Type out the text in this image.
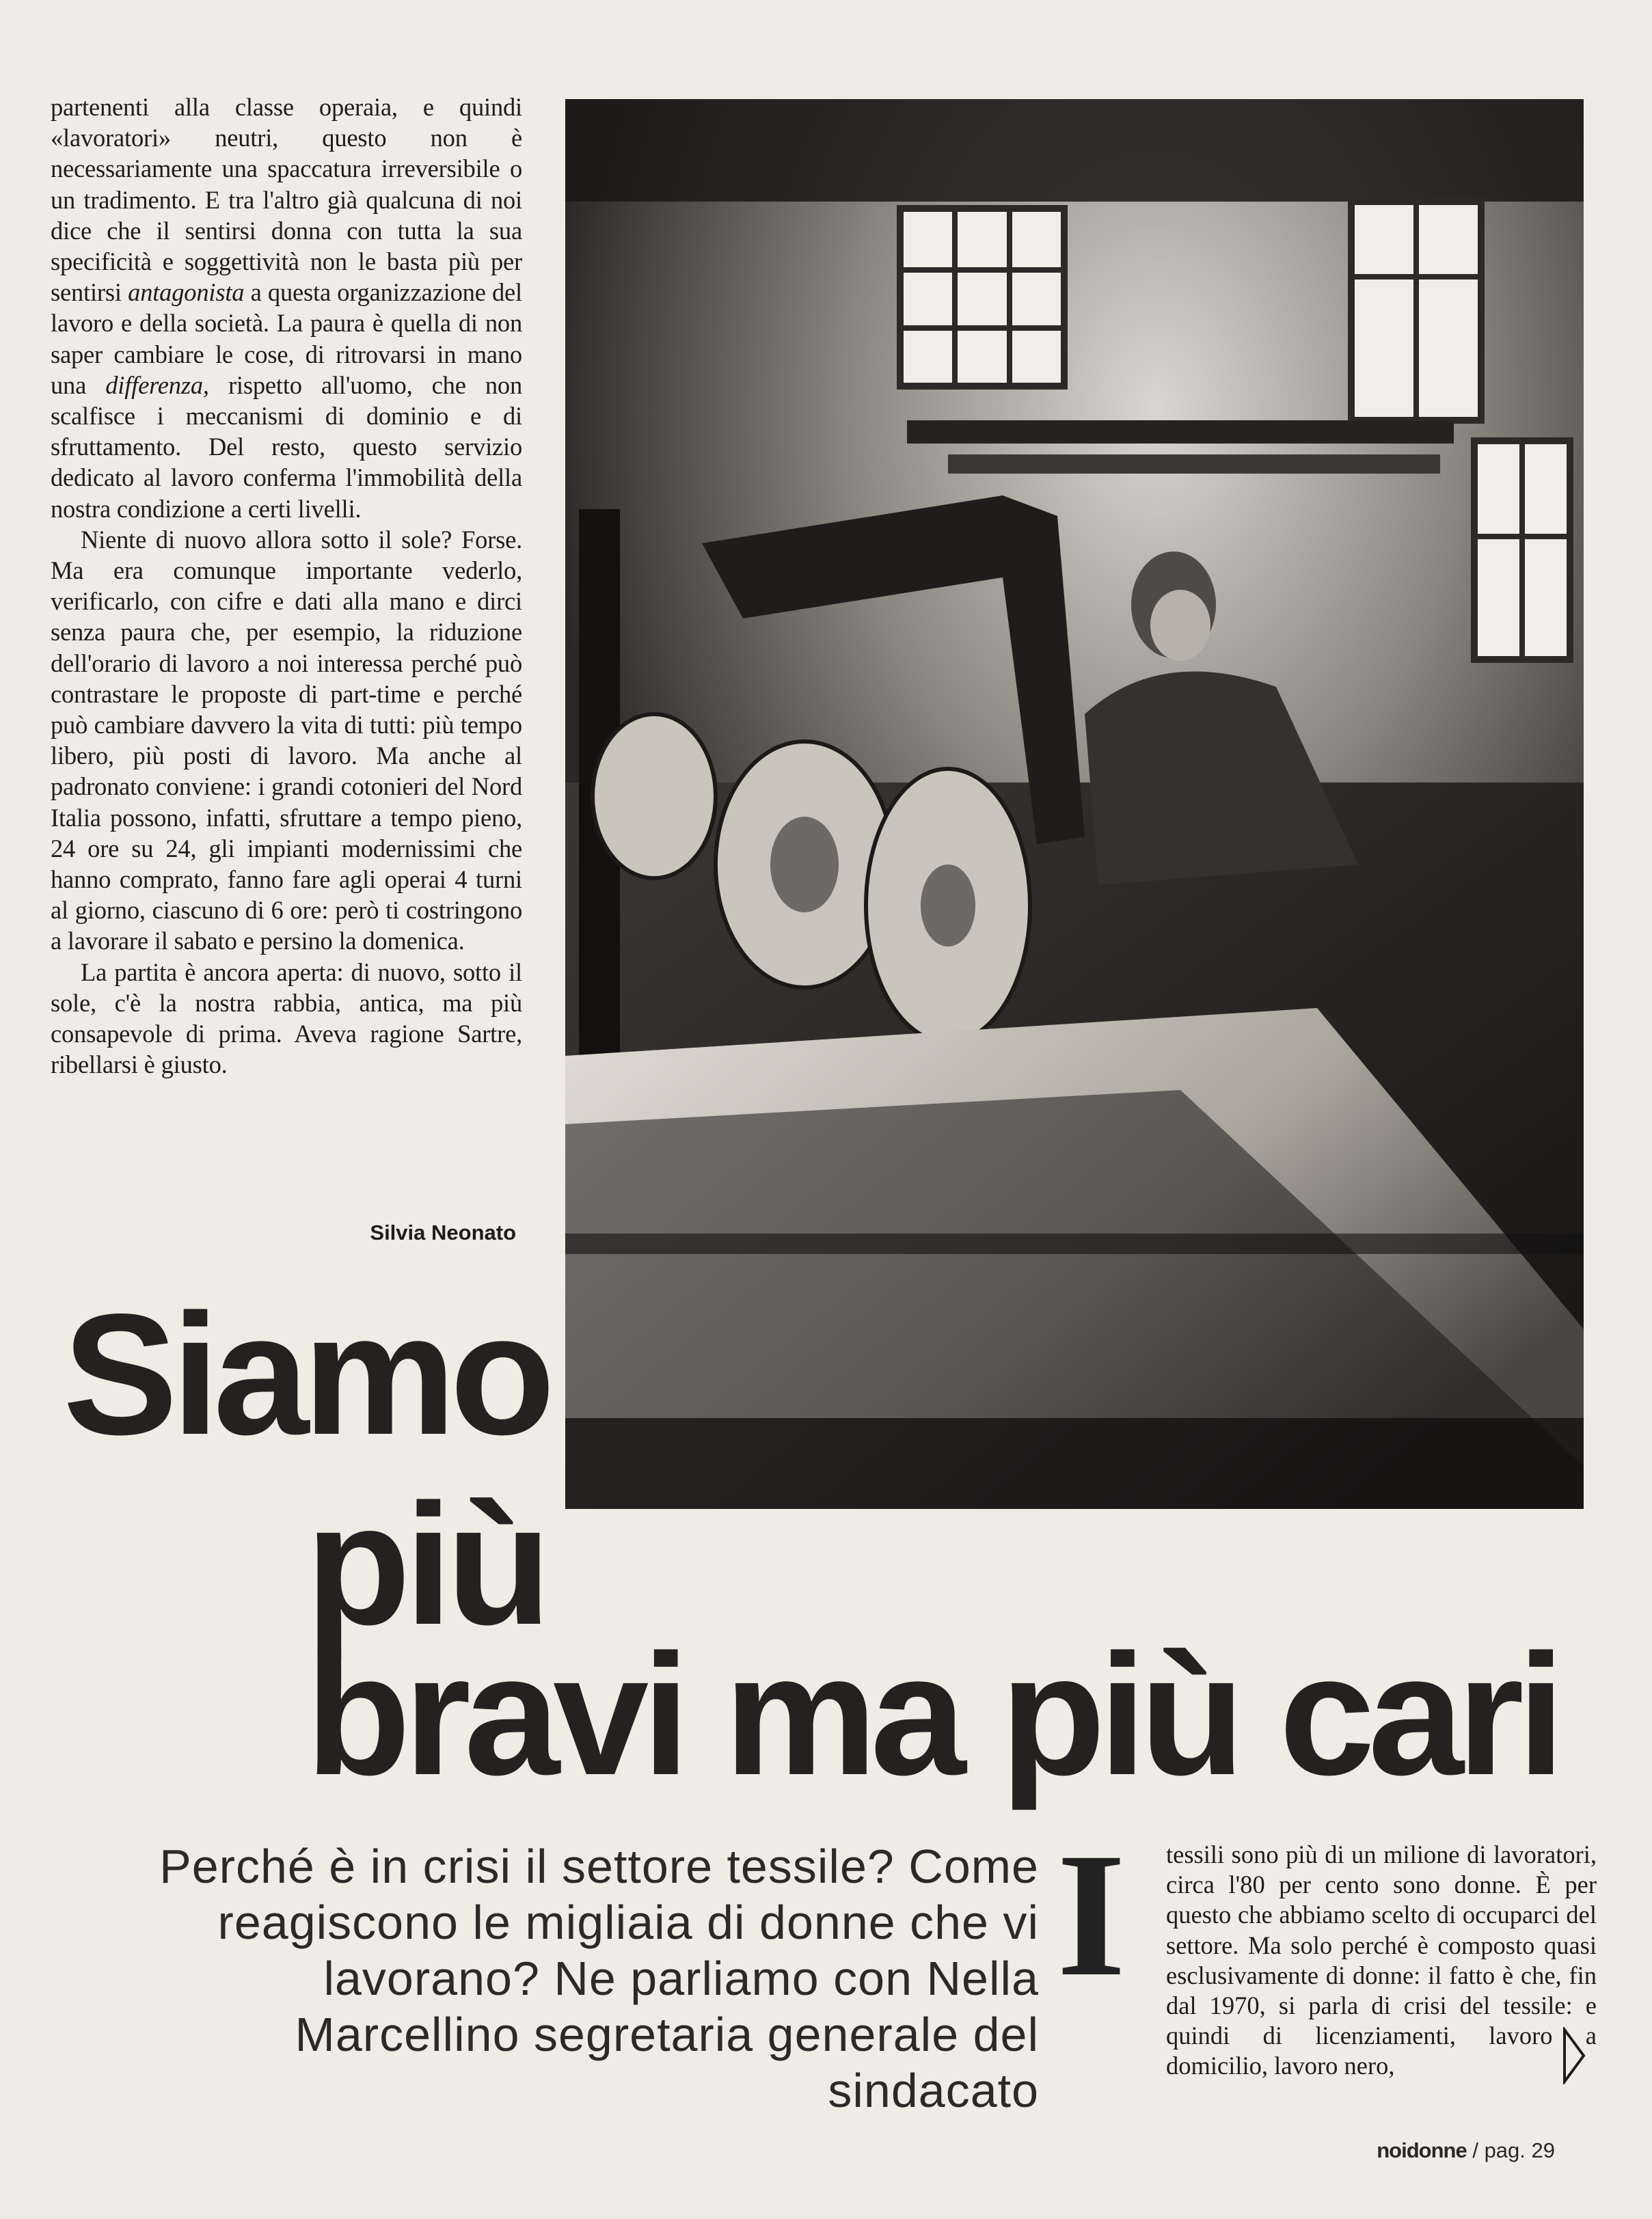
partenenti alla classe operaia, e quindi «lavoratori» neutri, questo non è necessariamente una spaccatura irreversibile o un tradimento. E tra l'altro già qualcuna di noi dice che il sentirsi donna con tutta la sua specificità e soggettività non le basta più per sentirsi antagonista a questa organizzazione del lavoro e della società. La paura è quella di non saper cambiare le cose, di ritrovarsi in mano una differenza, rispetto all'uomo, che non scalfisce i meccanismi di dominio e di sfruttamento. Del resto, questo servizio dedicato al lavoro conferma l'immobilità della nostra condizione a certi livelli.

Niente di nuovo allora sotto il sole? Forse. Ma era comunque importante vederlo, verificarlo, con cifre e dati alla mano e dirci senza paura che, per esempio, la riduzione dell'orario di lavoro a noi interessa perché può contrastare le proposte di part-time e perché può cambiare davvero la vita di tutti: più tempo libero, più posti di lavoro. Ma anche al padronato conviene: i grandi cotonieri del Nord Italia possono, infatti, sfruttare a tempo pieno, 24 ore su 24, gli impianti modernissimi che hanno comprato, fanno fare agli operai 4 turni al giorno, ciascuno di 6 ore: però ti costringono a lavorare il sabato e persino la domenica.

La partita è ancora aperta: di nuovo, sotto il sole, c'è la nostra rabbia, antica, ma più consapevole di prima. Aveva ragione Sartre, ribellarsi è giusto.

Silvia Neonato
Siamo
più
bravi ma più cari

Perché è in crisi il settore tessile? Come reagiscono le migliaia di donne che vi lavorano? Ne parliamo con Nella Marcellino segretaria generale del sindacato

I	tessili sono più di un milione di lavoratori, circa l'80 per cento sono donne. È per questo che abbiamo scelto di occuparci del settore. Ma solo perché è composto quasi esclusivamente di donne: il fatto è che, fin dal 1970, si parla di crisi del tessile: e quindi di licenziamenti, lavoro a domicilio, lavoro nero,

noidonne / pag. 29
